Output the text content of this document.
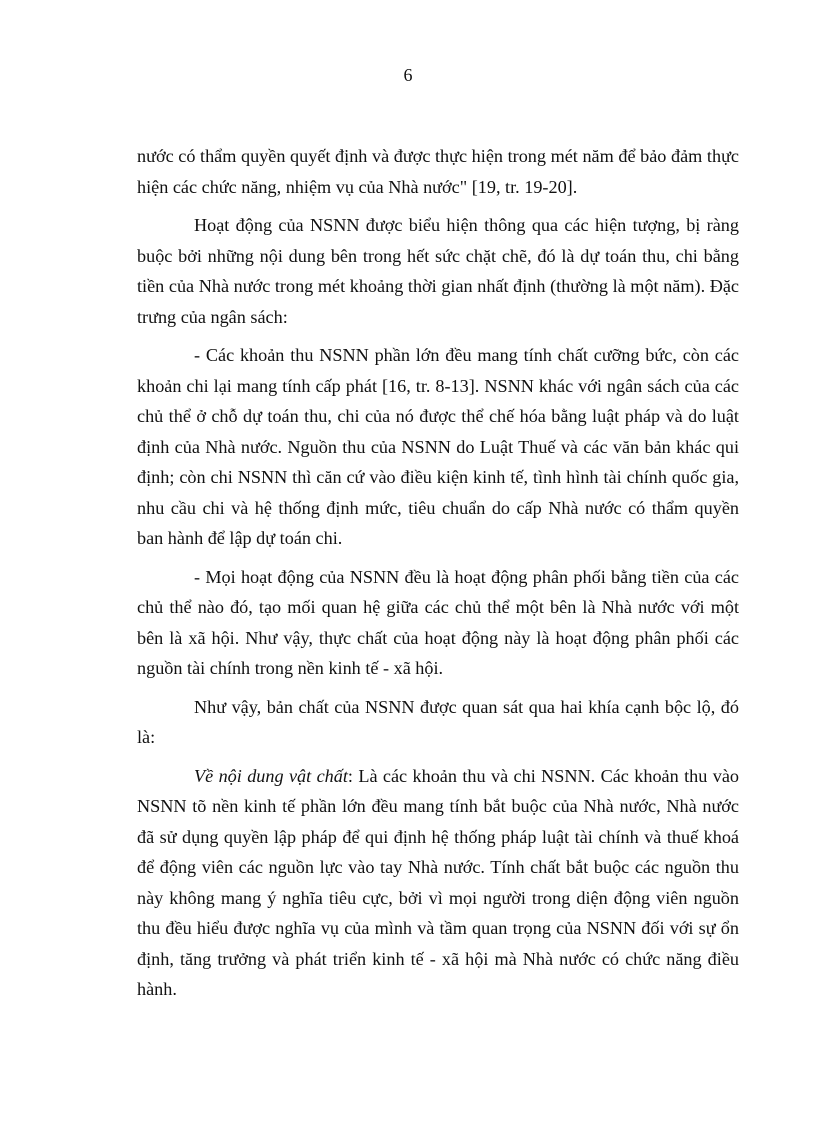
6

nước có thẩm quyền quyết định và được thực hiện trong mét năm để bảo đảm thực hiện các chức năng, nhiệm vụ của Nhà nước" [19, tr. 19-20].

Hoạt động của NSNN được biểu hiện thông qua các hiện tượng, bị ràng buộc bởi những nội dung bên trong hết sức chặt chẽ, đó là dự toán thu, chi bằng tiền của Nhà nước trong mét khoảng thời gian nhất định (thường là một năm). Đặc trưng của ngân sách:

- Các khoản thu NSNN phần lớn đều mang tính chất cưỡng bức, còn các khoản chi lại mang tính cấp phát [16, tr. 8-13]. NSNN khác với ngân sách của các chủ thể ở chỗ dự toán thu, chi của nó được thể chế hóa bằng luật pháp và do luật định của Nhà nước. Nguồn thu của NSNN do Luật Thuế và các văn bản khác qui định; còn chi NSNN thì căn cứ vào điều kiện kinh tế, tình hình tài chính quốc gia, nhu cầu chi và hệ thống định mức, tiêu chuẩn do cấp Nhà nước có thẩm quyền ban hành để lập dự toán chi.

- Mọi hoạt động của NSNN đều là hoạt động phân phối bằng tiền của các chủ thể nào đó, tạo mối quan hệ giữa các chủ thể một bên là Nhà nước với một bên là xã hội. Như vậy, thực chất của hoạt động này là hoạt động phân phối các nguồn tài chính trong nền kinh tế - xã hội.

Như vậy, bản chất của NSNN được quan sát qua hai khía cạnh bộc lộ, đó là:

Về nội dung vật chất: Là các khoản thu và chi NSNN. Các khoản thu vào NSNN tõ nền kinh tế phần lớn đều mang tính bắt buộc của Nhà nước, Nhà nước đã sử dụng quyền lập pháp để qui định hệ thống pháp luật tài chính và thuế khoá để động viên các nguồn lực vào tay Nhà nước. Tính chất bắt buộc các nguồn thu này không mang ý nghĩa tiêu cực, bởi vì mọi người trong diện động viên nguồn thu đều hiểu được nghĩa vụ của mình và tầm quan trọng của NSNN đối với sự ổn định, tăng trưởng và phát triển kinh tế - xã hội mà Nhà nước có chức năng điều hành.
